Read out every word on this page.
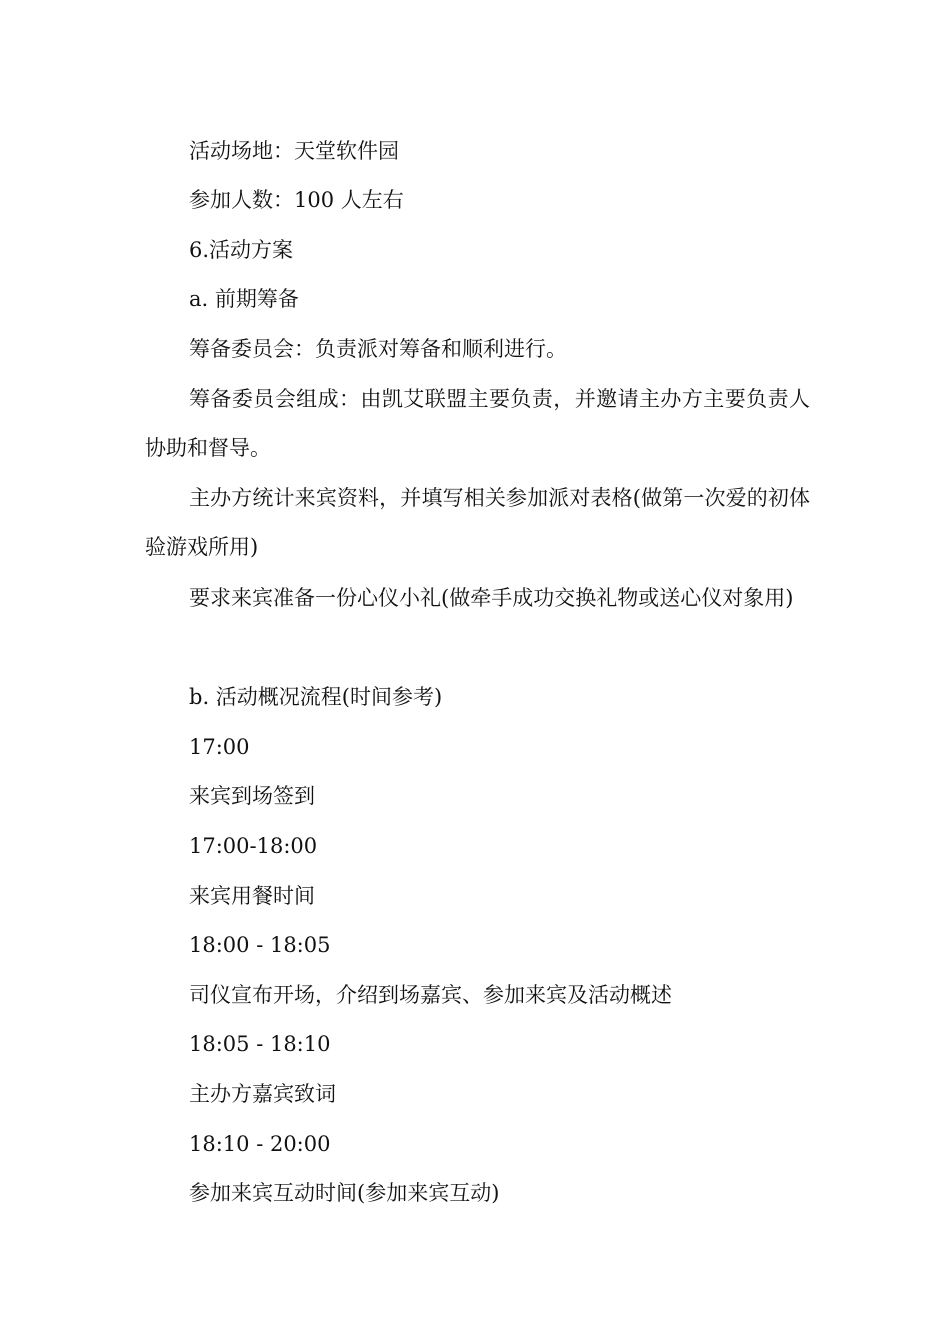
活动场地：天堂软件园
参加人数：100 人左右
6.活动方案
a. 前期筹备
筹备委员会：负责派对筹备和顺利进行。
筹备委员会组成：由凯艾联盟主要负责，并邀请主办方主要负责人协助和督导。
主办方统计来宾资料，并填写相关参加派对表格(做第一次爱的初体验游戏所用)
要求来宾准备一份心仪小礼(做牵手成功交换礼物或送心仪对象用)
b. 活动概况流程(时间参考)
17:00
来宾到场签到
17:00-18:00
来宾用餐时间
18:00 - 18:05
司仪宣布开场，介绍到场嘉宾、参加来宾及活动概述
18:05 - 18:10
主办方嘉宾致词
18:10 - 20:00
参加来宾互动时间(参加来宾互动)
